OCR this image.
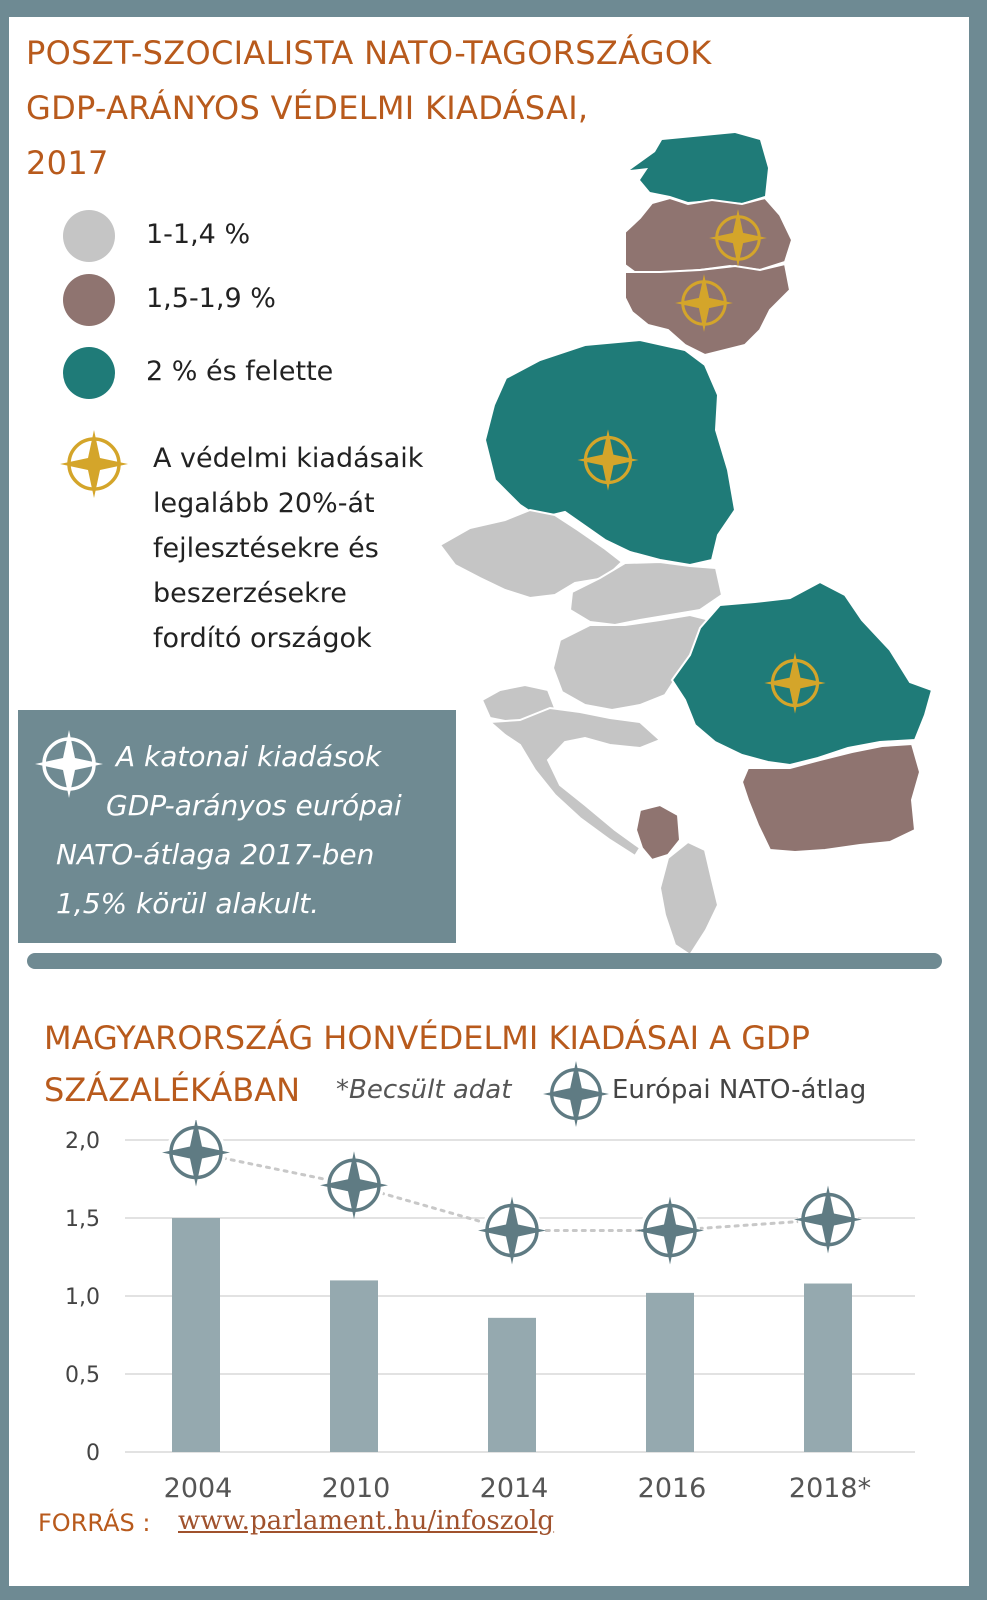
POSZT-SZOCIALISTA NATO-TAGORSZÁGOK
GDP-ARÁNYOS VÉDELMI KIADÁSAI,
2017
1-1,4 %
1,5-1,9 %
2 % és felette
A védelmi kiadásaik
legalább 20%-át
fejlesztésekre és
beszerzésekre
fordító országok
A katonai kiadások
GDP-arányos európai
NATO-átlaga 2017-ben
1,5% körül alakult.
MAGYARORSZÁG HONVÉDELMI KIADÁSAI A GDP
SZÁZALÉKÁBAN *Becsült adat	Európai NATO-átlag
0
0,5
1,0
1,5
2,0
2004	2010	2014	2016	2018*
FORRÁS : www.parlament.hu/infoszolg
